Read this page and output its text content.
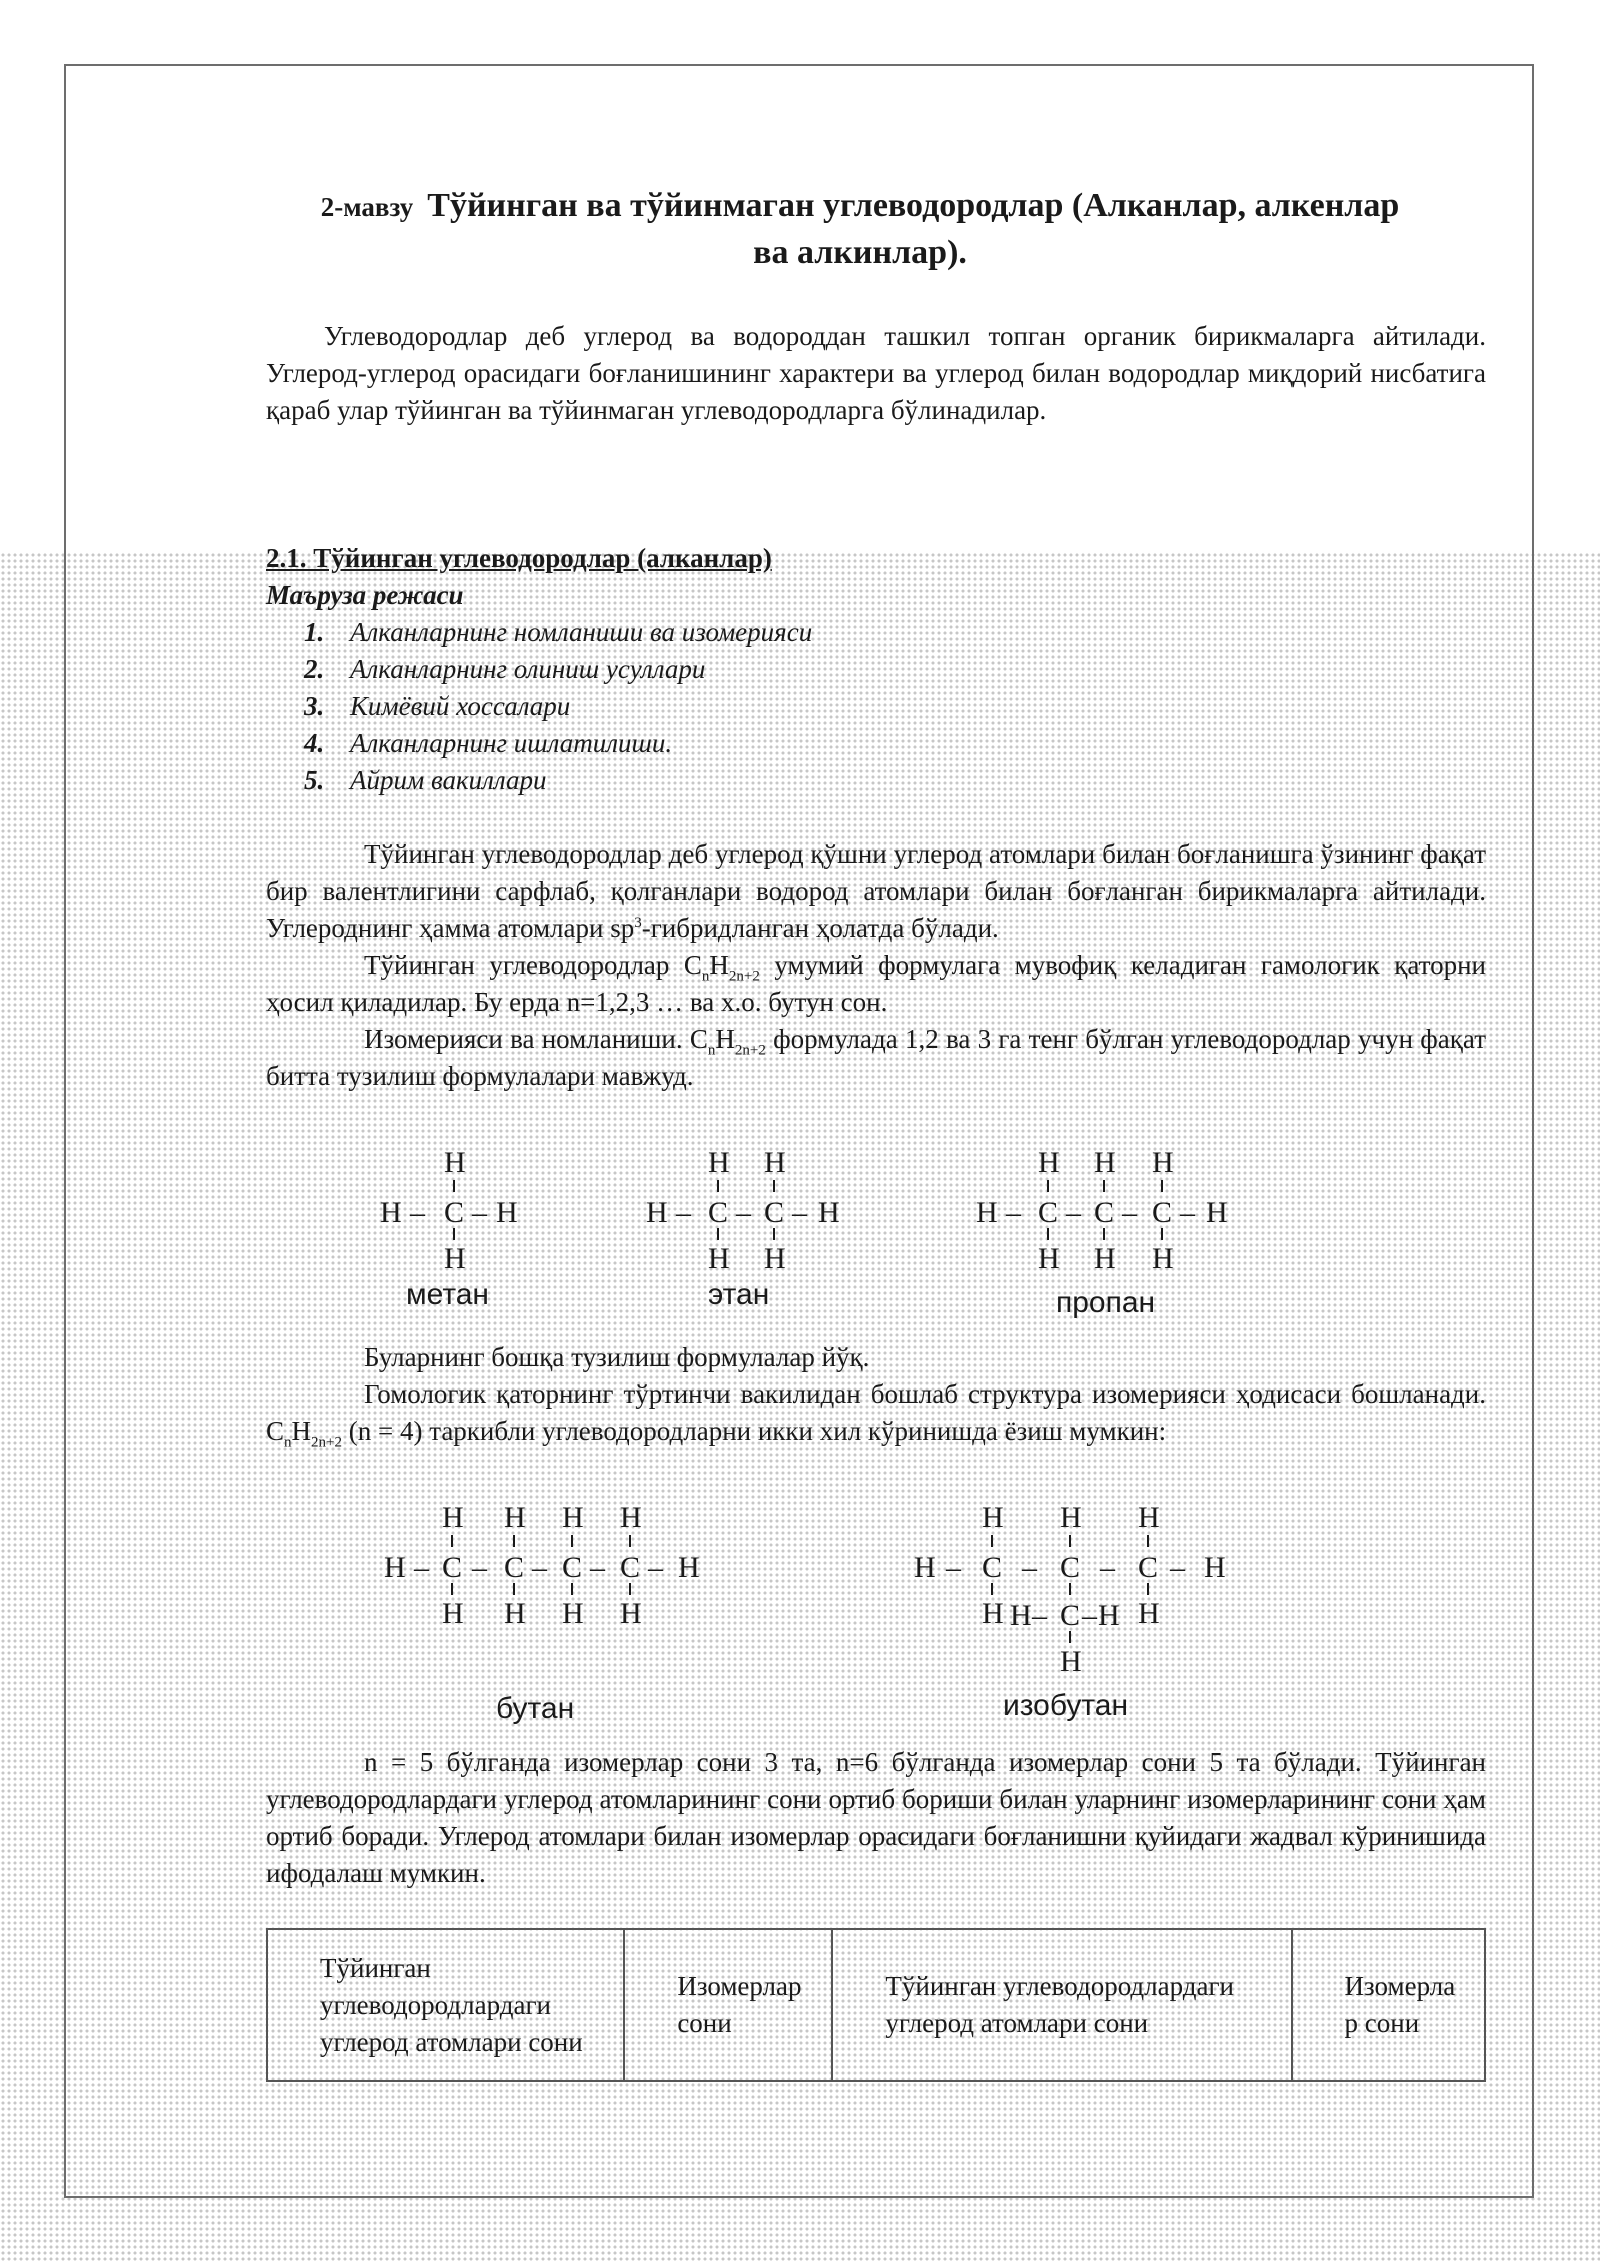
2-мавзу Тўйинган ва тўйинмаган углеводородлар (Алканлар, алкенлар
ва алкинлар).

Углеводородлар деб углерод ва водороддан ташкил топган органик бирикмаларга айтилади. Углерод-углерод орасидаги боғланишининг характери ва углерод билан водородлар миқдорий нисбатига қараб улар тўйинган ва тўйинмаган углеводородларга бўлинадилар.

2.1. Тўйинган углеводородлар (алканлар)

Маъруза режаси

1. Алканларнинг номланиши ва изомерияси
2. Алканларнинг олиниш усуллари
3. Кимёвий хоссалари
4. Алканларнинг ишлатилиши.
5. Айрим вакиллари

Тўйинган углеводородлар деб углерод қўшни углерод атомлари билан боғланишга ўзининг фақат бир валентлигини сарфлаб, қолганлари водород атомлари билан боғланган бирикмаларга айтилади. Углероднинг ҳамма атомлари $sp^3$-гибридланган ҳолатда бўлади.

Тўйинган углеводородлар $C_nH_{2n+2}$ умумий формулага мувофиқ келадиган гамологик қаторни ҳосил қиладилар. Бу ерда n=1,2,3 … ва х.о. бутун сон.

Изомерияси ва номланиши. $C_nH_{2n+2}$ формулада 1,2 ва 3 га тенг бўлган углеводородлар учун фақат битта тузилиш формулалари мавжуд.

H
H – C – H
H
H H
H – C – C – H
H H
H H H
H – C – C – C – H
H H H
метан	этан	пропан

Буларнинг бошқа тузилиш формулалар йўқ.

Гомологик қаторнинг тўртинчи вакилидан бошлаб структура изомерияси ҳодисаси бошланади. $C_nH_{2n+2}$ (n = 4) таркибли углеводородларни икки хил кўринишда ёзиш мумкин:

H H H H
H – C – C – C – C – H
H H H H
H H H
H – C – C – C – H
H	H
H – C – H
H
бутан	изобутан

n = 5 бўлганда изомерлар сони 3 та, n=6 бўлганда изомерлар сони 5 та бўлади. Тўйинган углеводородлардаги углерод атомларининг сони ортиб бориши билан уларнинг изомерларининг сони ҳам ортиб боради. Углерод атомлари билан изомерлар орасидаги боғланишни қуйидаги жадвал кўринишида ифодалаш мумкин.

Тўйинган углеводородлардаги углерод атомлари сони	Изомерлар сони	Тўйинган углеводородлардаги углерод атомлари сони	Изомерла р сони
